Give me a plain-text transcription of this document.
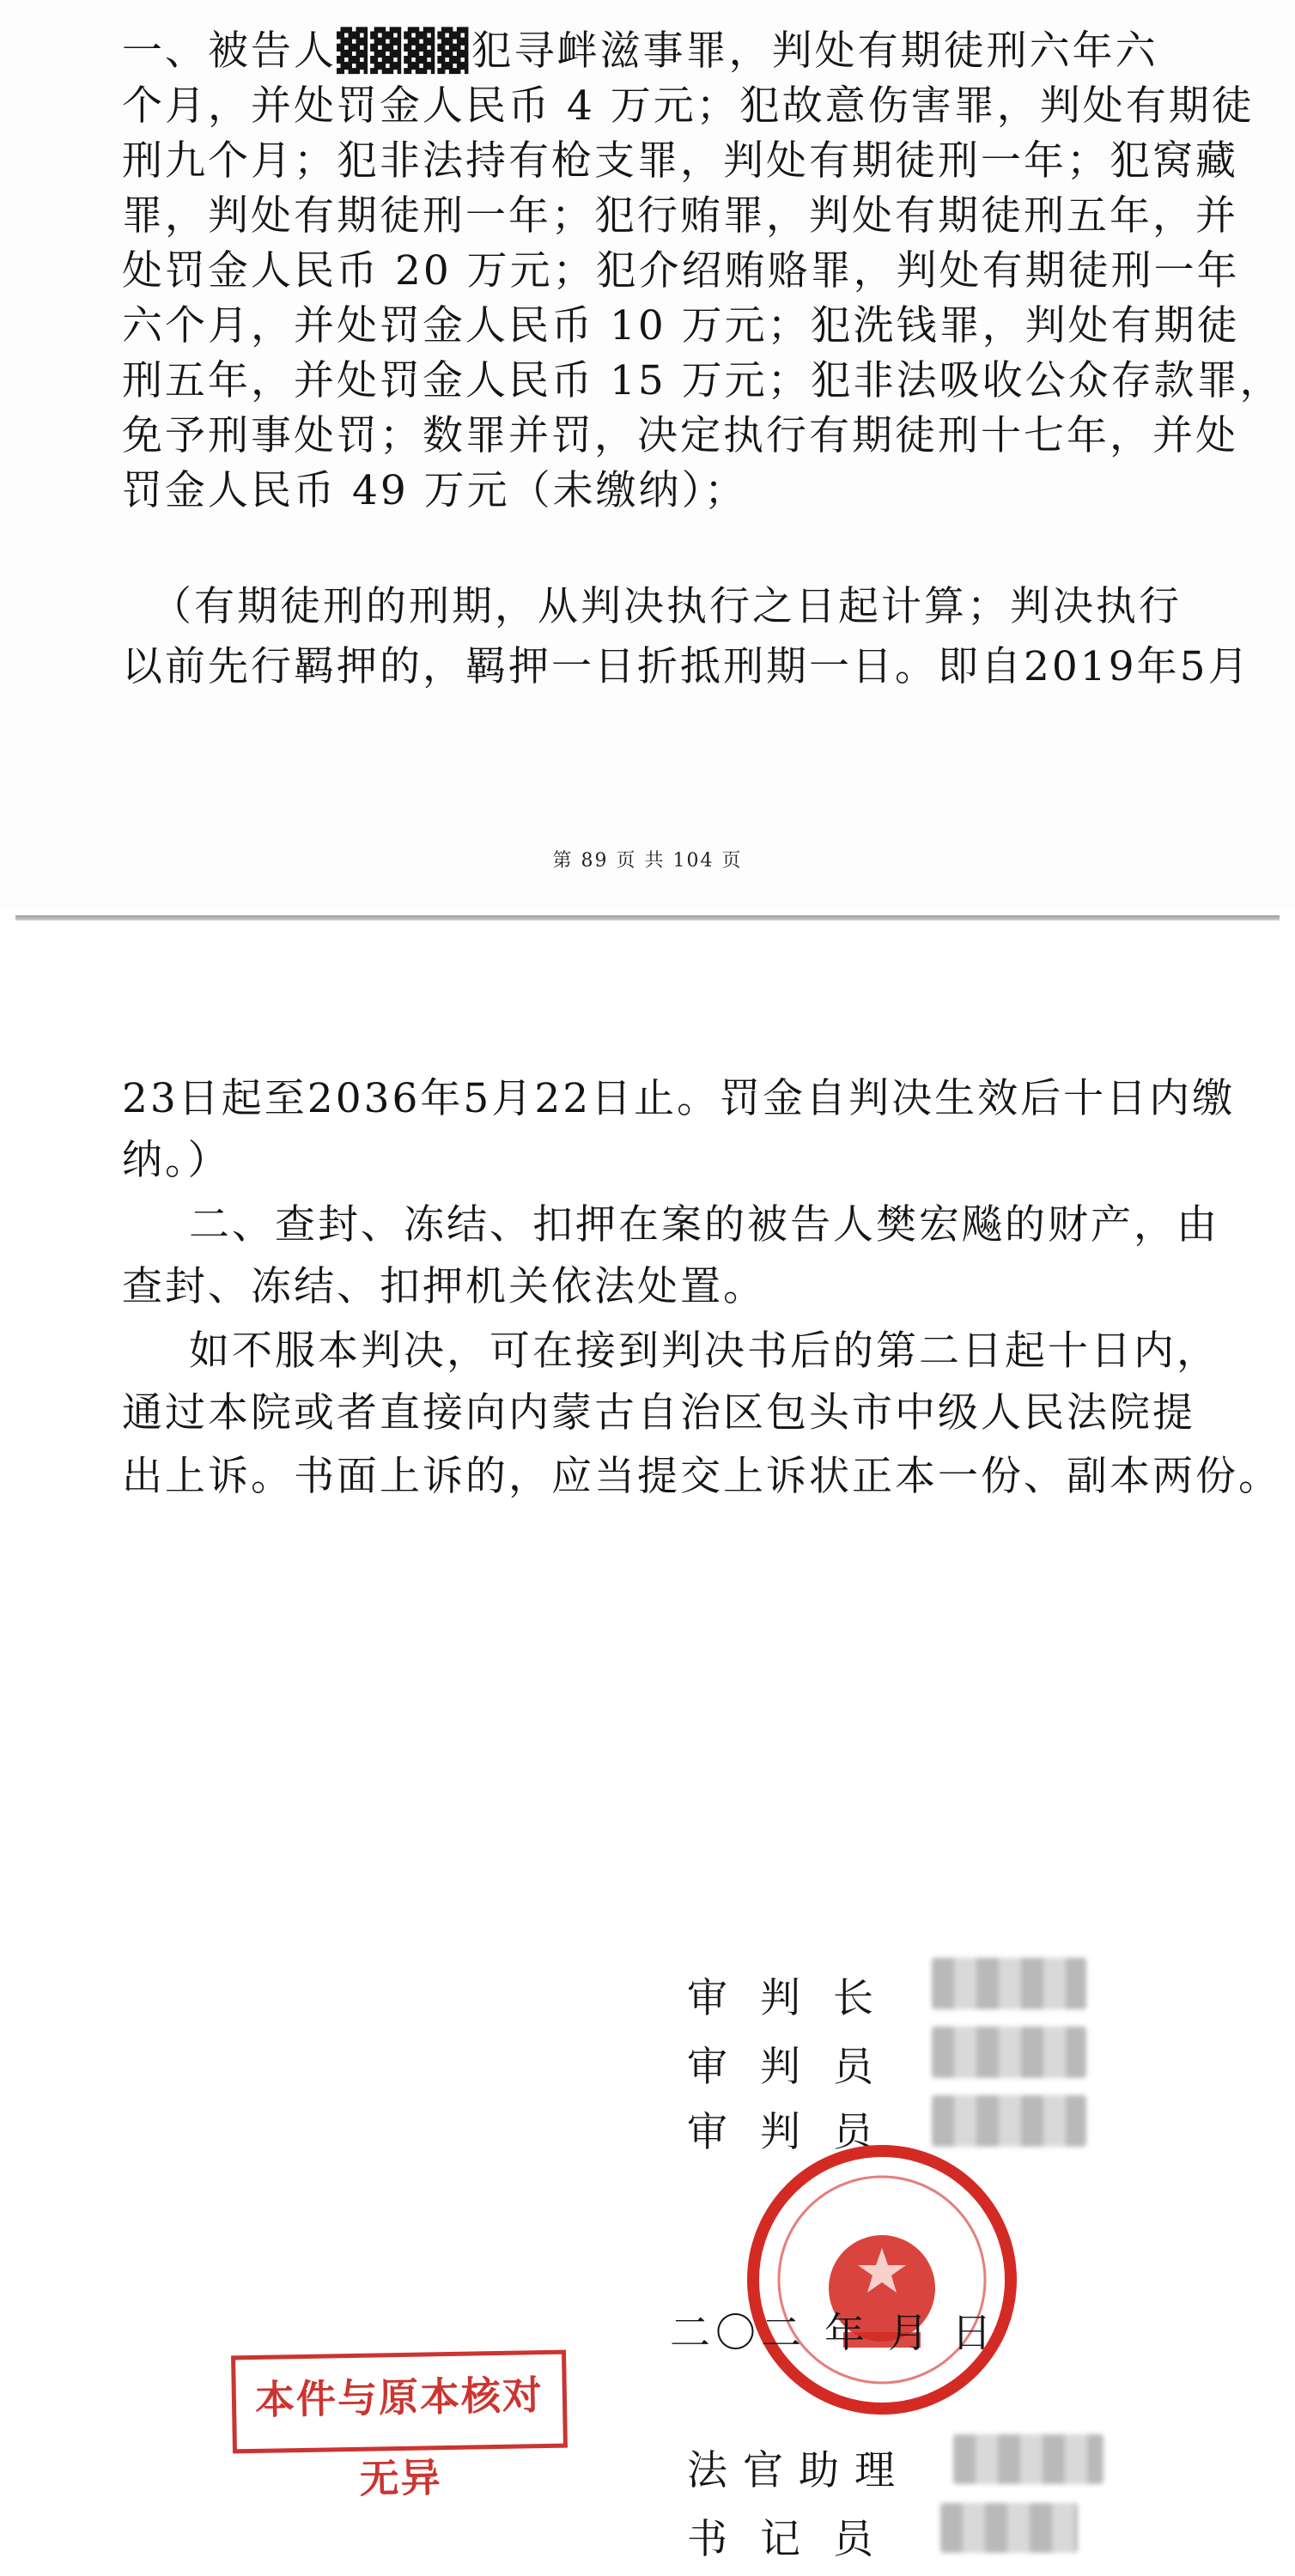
一、被告人▓▓▓▓犯寻衅滋事罪，判处有期徒刑六年六
个月，并处罚金人民币 4 万元；犯故意伤害罪，判处有期徒
刑九个月；犯非法持有枪支罪，判处有期徒刑一年；犯窝藏
罪，判处有期徒刑一年；犯行贿罪，判处有期徒刑五年，并
处罚金人民币 20 万元；犯介绍贿赂罪，判处有期徒刑一年
六个月，并处罚金人民币 10 万元；犯洗钱罪，判处有期徒
刑五年，并处罚金人民币 15 万元；犯非法吸收公众存款罪，
免予刑事处罚；数罪并罚，决定执行有期徒刑十七年，并处
罚金人民币 49 万元（未缴纳）；
（有期徒刑的刑期，从判决执行之日起计算；判决执行
以前先行羁押的，羁押一日折抵刑期一日。即自2019年5月
第 89 页 共 104 页
23日起至2036年5月22日止。罚金自判决生效后十日内缴
纳。）
二、查封、冻结、扣押在案的被告人樊宏飚的财产，由
查封、冻结、扣押机关依法处置。
如不服本判决，可在接到判决书后的第二日起十日内，
通过本院或者直接向内蒙古自治区包头市中级人民法院提
出上诉。书面上诉的，应当提交上诉状正本一份、副本两份。
审判长
审判员
审判员
二〇二 年 月 日
本件与原本核对无异	法官助理
书记员
